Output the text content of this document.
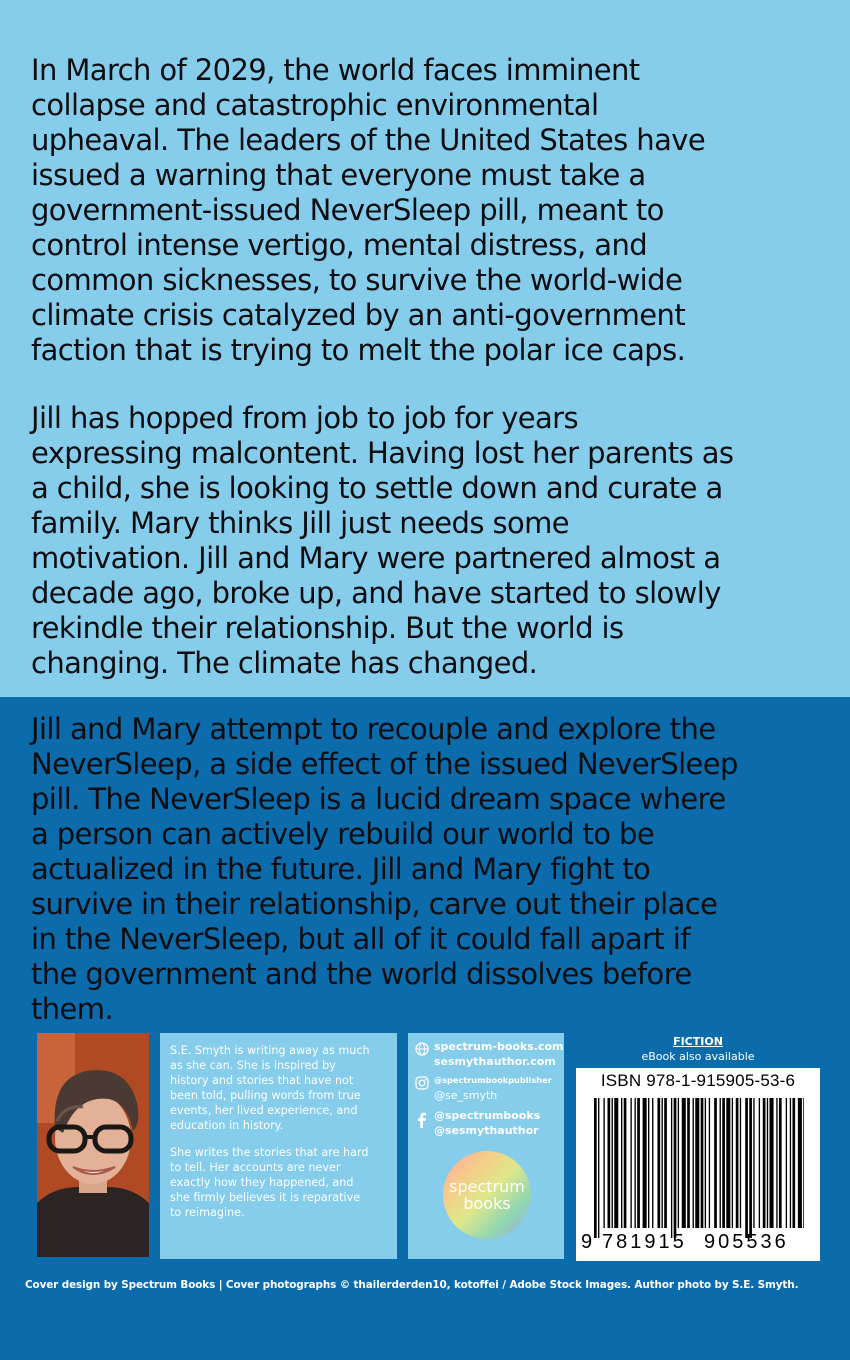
In March of 2029, the world faces imminent
collapse and catastrophic environmental
upheaval. The leaders of the United States have
issued a warning that everyone must take a
government-issued NeverSleep pill, meant to
control intense vertigo, mental distress, and
common sicknesses, to survive the world-wide
climate crisis catalyzed by an anti-government
faction that is trying to melt the polar ice caps.
Jill has hopped from job to job for years
expressing malcontent. Having lost her parents as
a child, she is looking to settle down and curate a
family. Mary thinks Jill just needs some
motivation. Jill and Mary were partnered almost a
decade ago, broke up, and have started to slowly
rekindle their relationship. But the world is
changing. The climate has changed.
Jill and Mary attempt to recouple and explore the
NeverSleep, a side effect of the issued NeverSleep
pill. The NeverSleep is a lucid dream space where
a person can actively rebuild our world to be
actualized in the future. Jill and Mary fight to
survive in their relationship, carve out their place
in the NeverSleep, but all of it could fall apart if
the government and the world dissolves before
them.
S.E. Smyth is writing away as much
as she can. She is inspired by
history and stories that have not
been told, pulling words from true
events, her lived experience, and
education in history.
She writes the stories that are hard
to tell. Her accounts are never
exactly how they happened, and
she firmly believes it is reparative
to reimagine.
spectrum-books.com
sesmythauthor.com
@spectrumbookpublisher
@se_smyth
@spectrumbooks
@sesmythauthor
spectrum
books
FICTION
eBook also available
ISBN 978-1-915905-53-6
9 781915 905536
Cover design by Spectrum Books | Cover photographs © thailerderden10, kotoffei / Adobe Stock Images. Author photo by S.E. Smyth.
